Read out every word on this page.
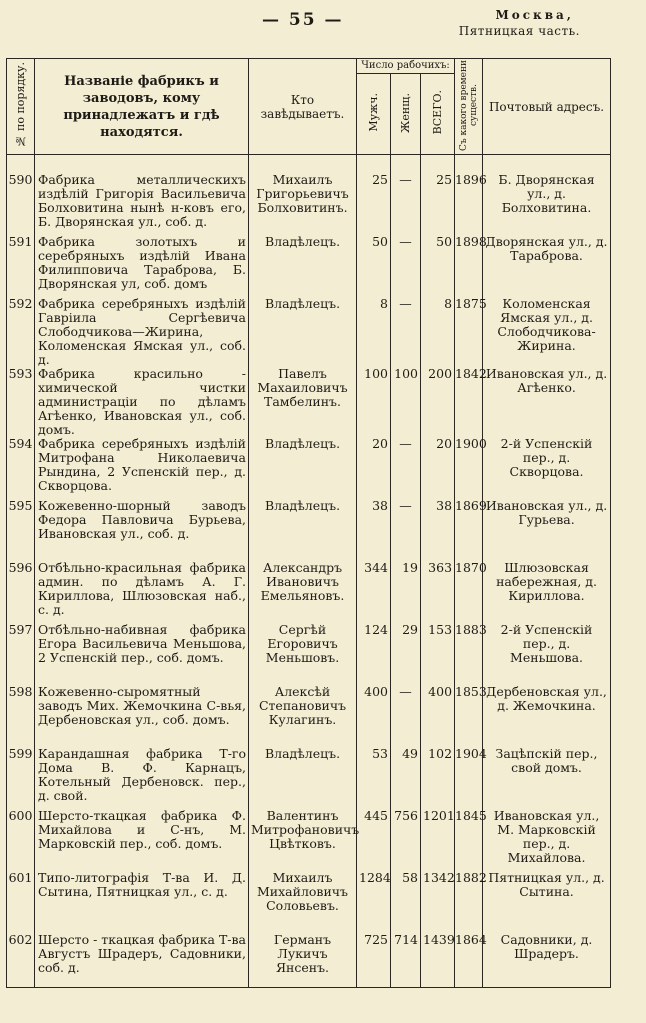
— 55 —	Москва,
Пятницкая часть.
№ по порядку.	Названіе фабрикъ и заводовъ, кому принадлежатъ и гдѣ находятся.	Кто завѣдываетъ.	Число рабочихъ:			Съ какого времени существ.	Почтовый адресъ.
			Мужч.	Женщ.	ВСЕГО.		

590	Фабрика металлическихъ издѣлій Григорія Васильевича Болховитина нынѣ н-ковъ его, Б. Дворянская ул., соб. д.	Михаилъ Григорьевичъ Болховитинъ.	25	—	25	1896	Б. Дворянская ул., д. Болховитина.
591	Фабрика золотыхъ и серебряныхъ издѣлій Ивана Филипповича Тараброва, Б. Дворянская ул, соб. домъ	Владѣлецъ.	50	—	50	1898	Дворянская ул., д. Тараброва.
592	Фабрика серебряныхъ издѣлій Гавріила Сергѣевича Слободчикова—Жирина, Коломенская Ямская ул., соб. д.	Владѣлецъ.	8	—	8	1875	Коломенская Ямская ул., д. Слободчикова-Жирина.
593	Фабрика красильно - химической чистки администраціи по дѣламъ Агѣенко, Ивановская ул., соб. домъ.	Павелъ Махаиловичъ Тамбелинъ.	100	100	200	1842	Ивановская ул., д. Агѣенко.
594	Фабрика серебряныхъ издѣлій Митрофана Николаевича Рындина, 2 Успенскій пер., д. Скворцова.	Владѣлецъ.	20	—	20	1900	2-й Успенскій пер., д. Скворцова.
595	Кожевенно-шорный заводъ Федора Павловича Бурьева, Ивановская ул., соб. д.	Владѣлецъ.	38	—	38	1869	Ивановская ул., д. Гурьева.
596	Отбѣльно-красильная фабрика админ. по дѣламъ А. Г. Кириллова, Шлюзовская наб., с. д.	Александръ Ивановичъ Емельяновъ.	344	19	363	1870	Шлюзовская набережная, д. Кириллова.
597	Отбѣльно-набивная фабрика Егора Васильевича Меньшова, 2 Успенскій пер., соб. домъ.	Сергѣй Егоровичъ Меньшовъ.	124	29	153	1883	2-й Успенскій пер., д. Меньшова.
598	Кожевенно-сыромятный заводъ Мих. Жемочкина С-вья, Дербеновская ул., соб. домъ.	Алексѣй Степановичъ Кулагинъ.	400	—	400	1853	Дербеновская ул., д. Жемочкина.
599	Карандашная фабрика Т-го Дома В. Ф. Карнацъ, Котельный Дербеновск. пер., д. свой.	Владѣлецъ.	53	49	102	1904	Зацѣпскій пер., свой домъ.
600	Шерсто-ткацкая фабрика Ф. Михайлова и С-нъ, М. Марковскій пер., соб. домъ.	Валентинъ Митрофановичъ Цвѣтковъ.	445	756	1201	1845	Ивановская ул., М. Марковскій пер., д. Михайлова.
601	Типо-литографія Т-ва И. Д. Сытина, Пятницкая ул., с. д.	Михаилъ Михайловичъ Соловьевъ.	1284	58	1342	1882	Пятницкая ул., д. Сытина.
602	Шерсто - ткацкая фабрика Т-ва Августъ Шрадеръ, Садовники, соб. д.	Германъ Лукичъ Янсенъ.	725	714	1439	1864	Садовники, д. Шрадеръ.
